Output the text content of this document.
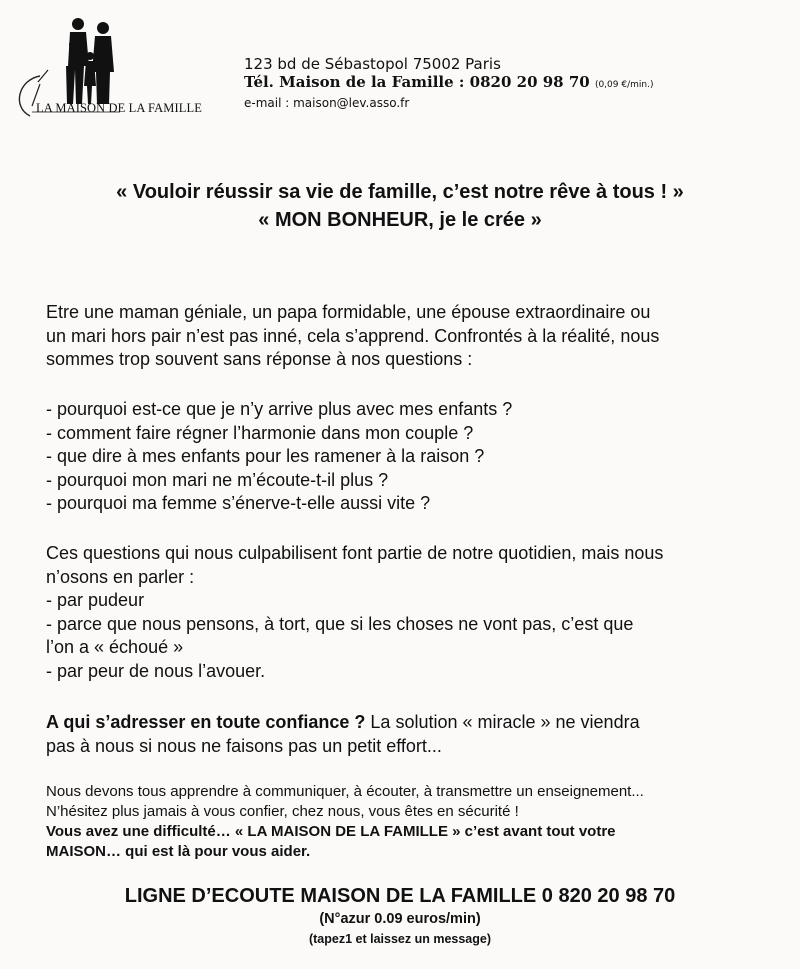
LA MAISON DE LA FAMILLE
123 bd de Sébastopol 75002 Paris
Tél. Maison de la Famille : 0820 20 98 70 (0,09 €/min.)
e-mail : maison@lev.asso.fr
« Vouloir réussir sa vie de famille, c’est notre rêve à tous ! »
« MON BONHEUR, je le crée »
Etre une maman géniale, un papa formidable, une épouse extraordinaire ou
un mari hors pair n’est pas inné, cela s’apprend. Confrontés à la réalité, nous
sommes trop souvent sans réponse à nos questions :
- pourquoi est-ce que je n’y arrive plus avec mes enfants ?
- comment faire régner l’harmonie dans mon couple ?
- que dire à mes enfants pour les ramener à la raison ?
- pourquoi mon mari ne m’écoute-t-il plus ?
- pourquoi ma femme s’énerve-t-elle aussi vite ?
Ces questions qui nous culpabilisent font partie de notre quotidien, mais nous
n’osons en parler :
- par pudeur
- parce que nous pensons, à tort, que si les choses ne vont pas, c’est que
l’on a « échoué »
- par peur de nous l’avouer.
A qui s’adresser en toute confiance ? La solution « miracle » ne viendra
pas à nous si nous ne faisons pas un petit effort...
Nous devons tous apprendre à communiquer, à écouter, à transmettre un enseignement...
N’hésitez plus jamais à vous confier, chez nous, vous êtes en sécurité !
Vous avez une difficulté… « LA MAISON DE LA FAMILLE » c’est avant tout votre
MAISON… qui est là pour vous aider.
LIGNE D’ECOUTE MAISON DE LA FAMILLE 0 820 20 98 70
(N°azur 0.09 euros/min)
(tapez1 et laissez un message)
